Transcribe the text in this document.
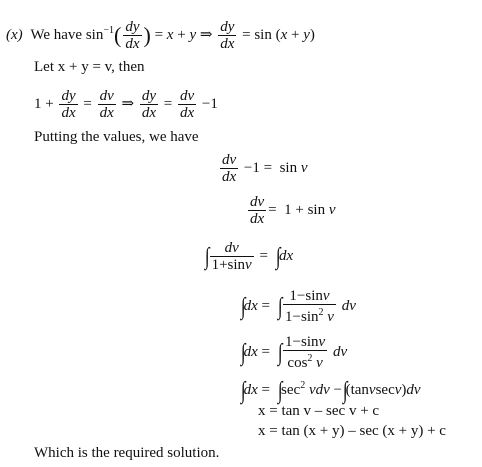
(x) We have $\sin^{-1}( \frac{dy}{dx}$ ) = x + y ⇒ $\frac{dy}{dx} = \sin (x + y)$
Let x + y = v, then
$1 + \frac{dy}{dx} = \frac{dv}{dx}$ ⇒ $\frac{dy}{dx} = \frac{dv}{dx} -1$
Putting the values, we have
$\frac{dv}{dx} -1 = \sin v$
$\frac{dv}{dx} = 1 + \sin v$
∫ $\frac{dv}{1+\sin v} = \int dx$
∫dx =  ∫ $\frac{1-\sin v}{1-\sin^2 v}$ dv
∫dx =  ∫ $\frac{1-\sin v}{\cos^2 v}$ dv
$\int dx = \int\sec^2$ vdv −∫(tanvsecv)dv
x = tan v – sec v + c
x = tan (x + y) – sec (x + y) + c
Which is the required solution.
